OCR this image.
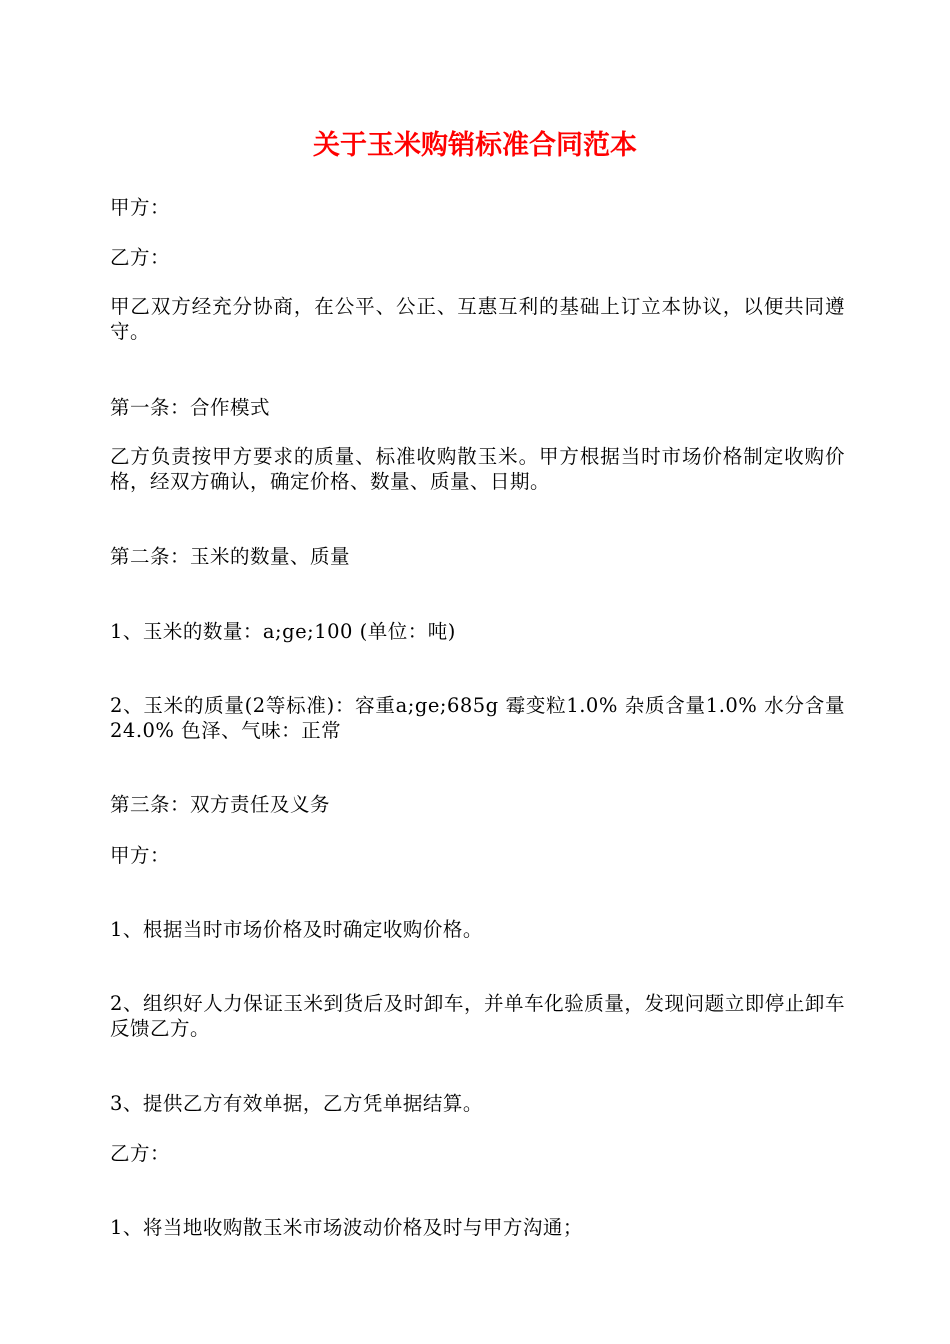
关于玉米购销标准合同范本

甲方：

乙方：

甲乙双方经充分协商，在公平、公正、互惠互利的基础上订立本协议，以便共同遵守。

第一条：合作模式

乙方负责按甲方要求的质量、标准收购散玉米。甲方根据当时市场价格制定收购价格，经双方确认，确定价格、数量、质量、日期。

第二条：玉米的数量、质量

1、玉米的数量：a;ge;100 (单位：吨)

2、玉米的质量(2等标准)：容重a;ge;685g 霉变粒1.0% 杂质含量1.0% 水分含量24.0% 色泽、气味：正常

第三条：双方责任及义务

甲方：

1、根据当时市场价格及时确定收购价格。

2、组织好人力保证玉米到货后及时卸车，并单车化验质量，发现问题立即停止卸车反馈乙方。

3、提供乙方有效单据，乙方凭单据结算。

乙方：

1、将当地收购散玉米市场波动价格及时与甲方沟通；
